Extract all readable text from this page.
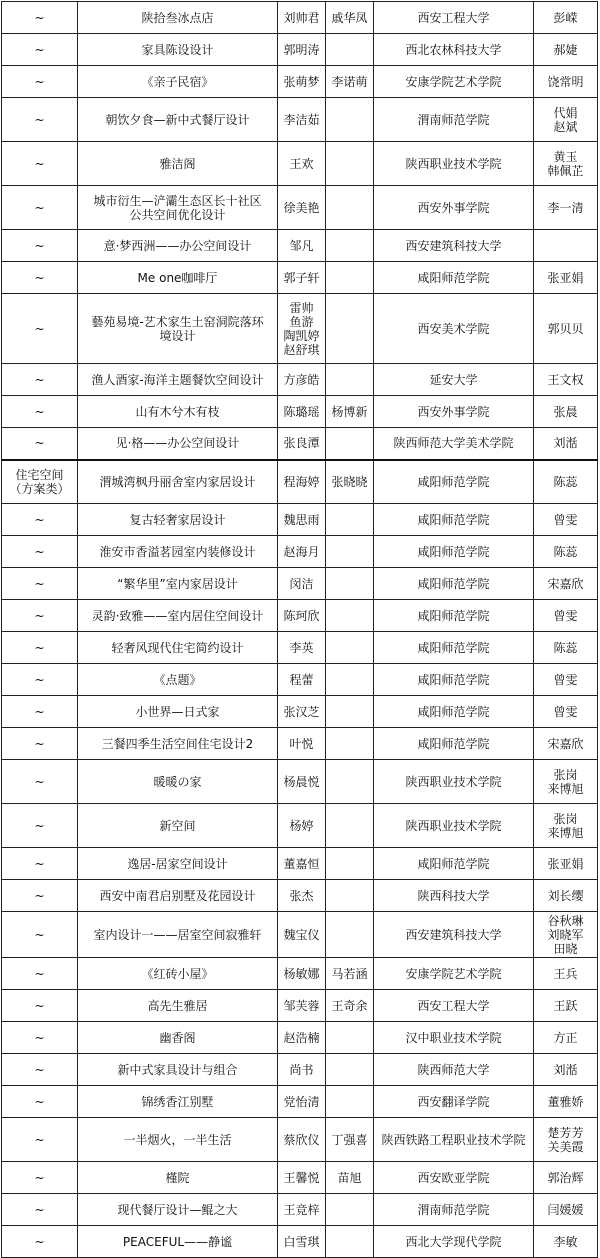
~	陕拾叁冰点店	刘帅君	戚华凤	西安工程大学	彭嵘
~	家具陈设设计	郭明涛		西北农林科技大学	郝婕
~	《亲子民宿》	张萌梦	李诺萌	安康学院艺术学院	饶常明
~	朝饮夕食—新中式餐厅设计	李洁茹		渭南师范学院	代娟
赵斌

~	雅洁阁	王欢		陕西职业技术学院	黄玉
韩佩芷

~	城市衍生—浐灞生态区长十社区
公共空间优化设计	徐美艳		西安外事学院	李一清
~	意·梦西洲——办公空间设计	邹凡		西安建筑科技大学	
~	Me one咖啡厅	郭子轩		咸阳师范学院	张亚娟
~	藝苑易境-艺术家生土窑洞院落环
境设计	雷帅
鱼游
陶凯婷
赵舒琪		西安美术学院	郭贝贝
~	渔人酒家-海洋主题餐饮空间设计	方彦皓		延安大学	王文权
~	山有木兮木有枝	陈璐瑶	杨博新	西安外事学院	张晨
~	见·格——办公空间设计	张良潭		陕西师范大学美术学院	刘湉

住宅空间
（方案类）	渭城湾枫丹丽舍室内家居设计	程海婷	张晓晓	咸阳师范学院	陈蕊
~	复古轻奢家居设计	魏思雨		咸阳师范学院	曾雯
~	淮安市香溢茗园室内装修设计	赵海月		咸阳师范学院	陈蕊
~	“繁华里”室内家居设计	闵洁		咸阳师范学院	宋嘉欣
~	灵韵·致雅——室内居住空间设计	陈珂欣		咸阳师范学院	曾雯
~	轻奢风现代住宅简约设计	李英		咸阳师范学院	陈蕊
~	《点题》	程蕾		咸阳师范学院	曾雯
~	小世界—日式家	张汉芝		咸阳师范学院	曾雯
~	三餐四季生活空间住宅设计2	叶悦		咸阳师范学院	宋嘉欣
~	暖暖の家	杨晨悦		陕西职业技术学院	张岗
来博旭

~	新空间	杨婷		陕西职业技术学院	张岗
来博旭

~	逸居-居家空间设计	董嘉恒		咸阳师范学院	张亚娟
~	西安中南君启别墅及花园设计	张杰		陕西科技大学	刘长缨
~	室内设计一——居室空间寂雅轩	魏宝仪		西安建筑科技大学	谷秋琳
刘晓军
田晓

~	《红砖小屋》	杨敏娜	马若涵	安康学院艺术学院	王兵
~	高先生雅居	邹芙蓉	王奇余	西安工程大学	王跃
~	幽香阁	赵浩楠		汉中职业技术学院	方正
~	新中式家具设计与组合	尚书		陕西师范大学	刘湉
~	锦绣香江别墅	党怡清		西安翻译学院	董雅娇
~	一半烟火，一半生活	蔡欣仪	丁强喜	陕西铁路工程职业技术学院	楚芳芳
关美霞

~	槿院	王馨悦	苗旭	西安欧亚学院	郭治辉
~	现代餐厅设计—鲲之大	王竞梓		渭南师范学院	闫媛媛
~	PEACEFUL——静谧	白雪琪		西北大学现代学院	李敏
